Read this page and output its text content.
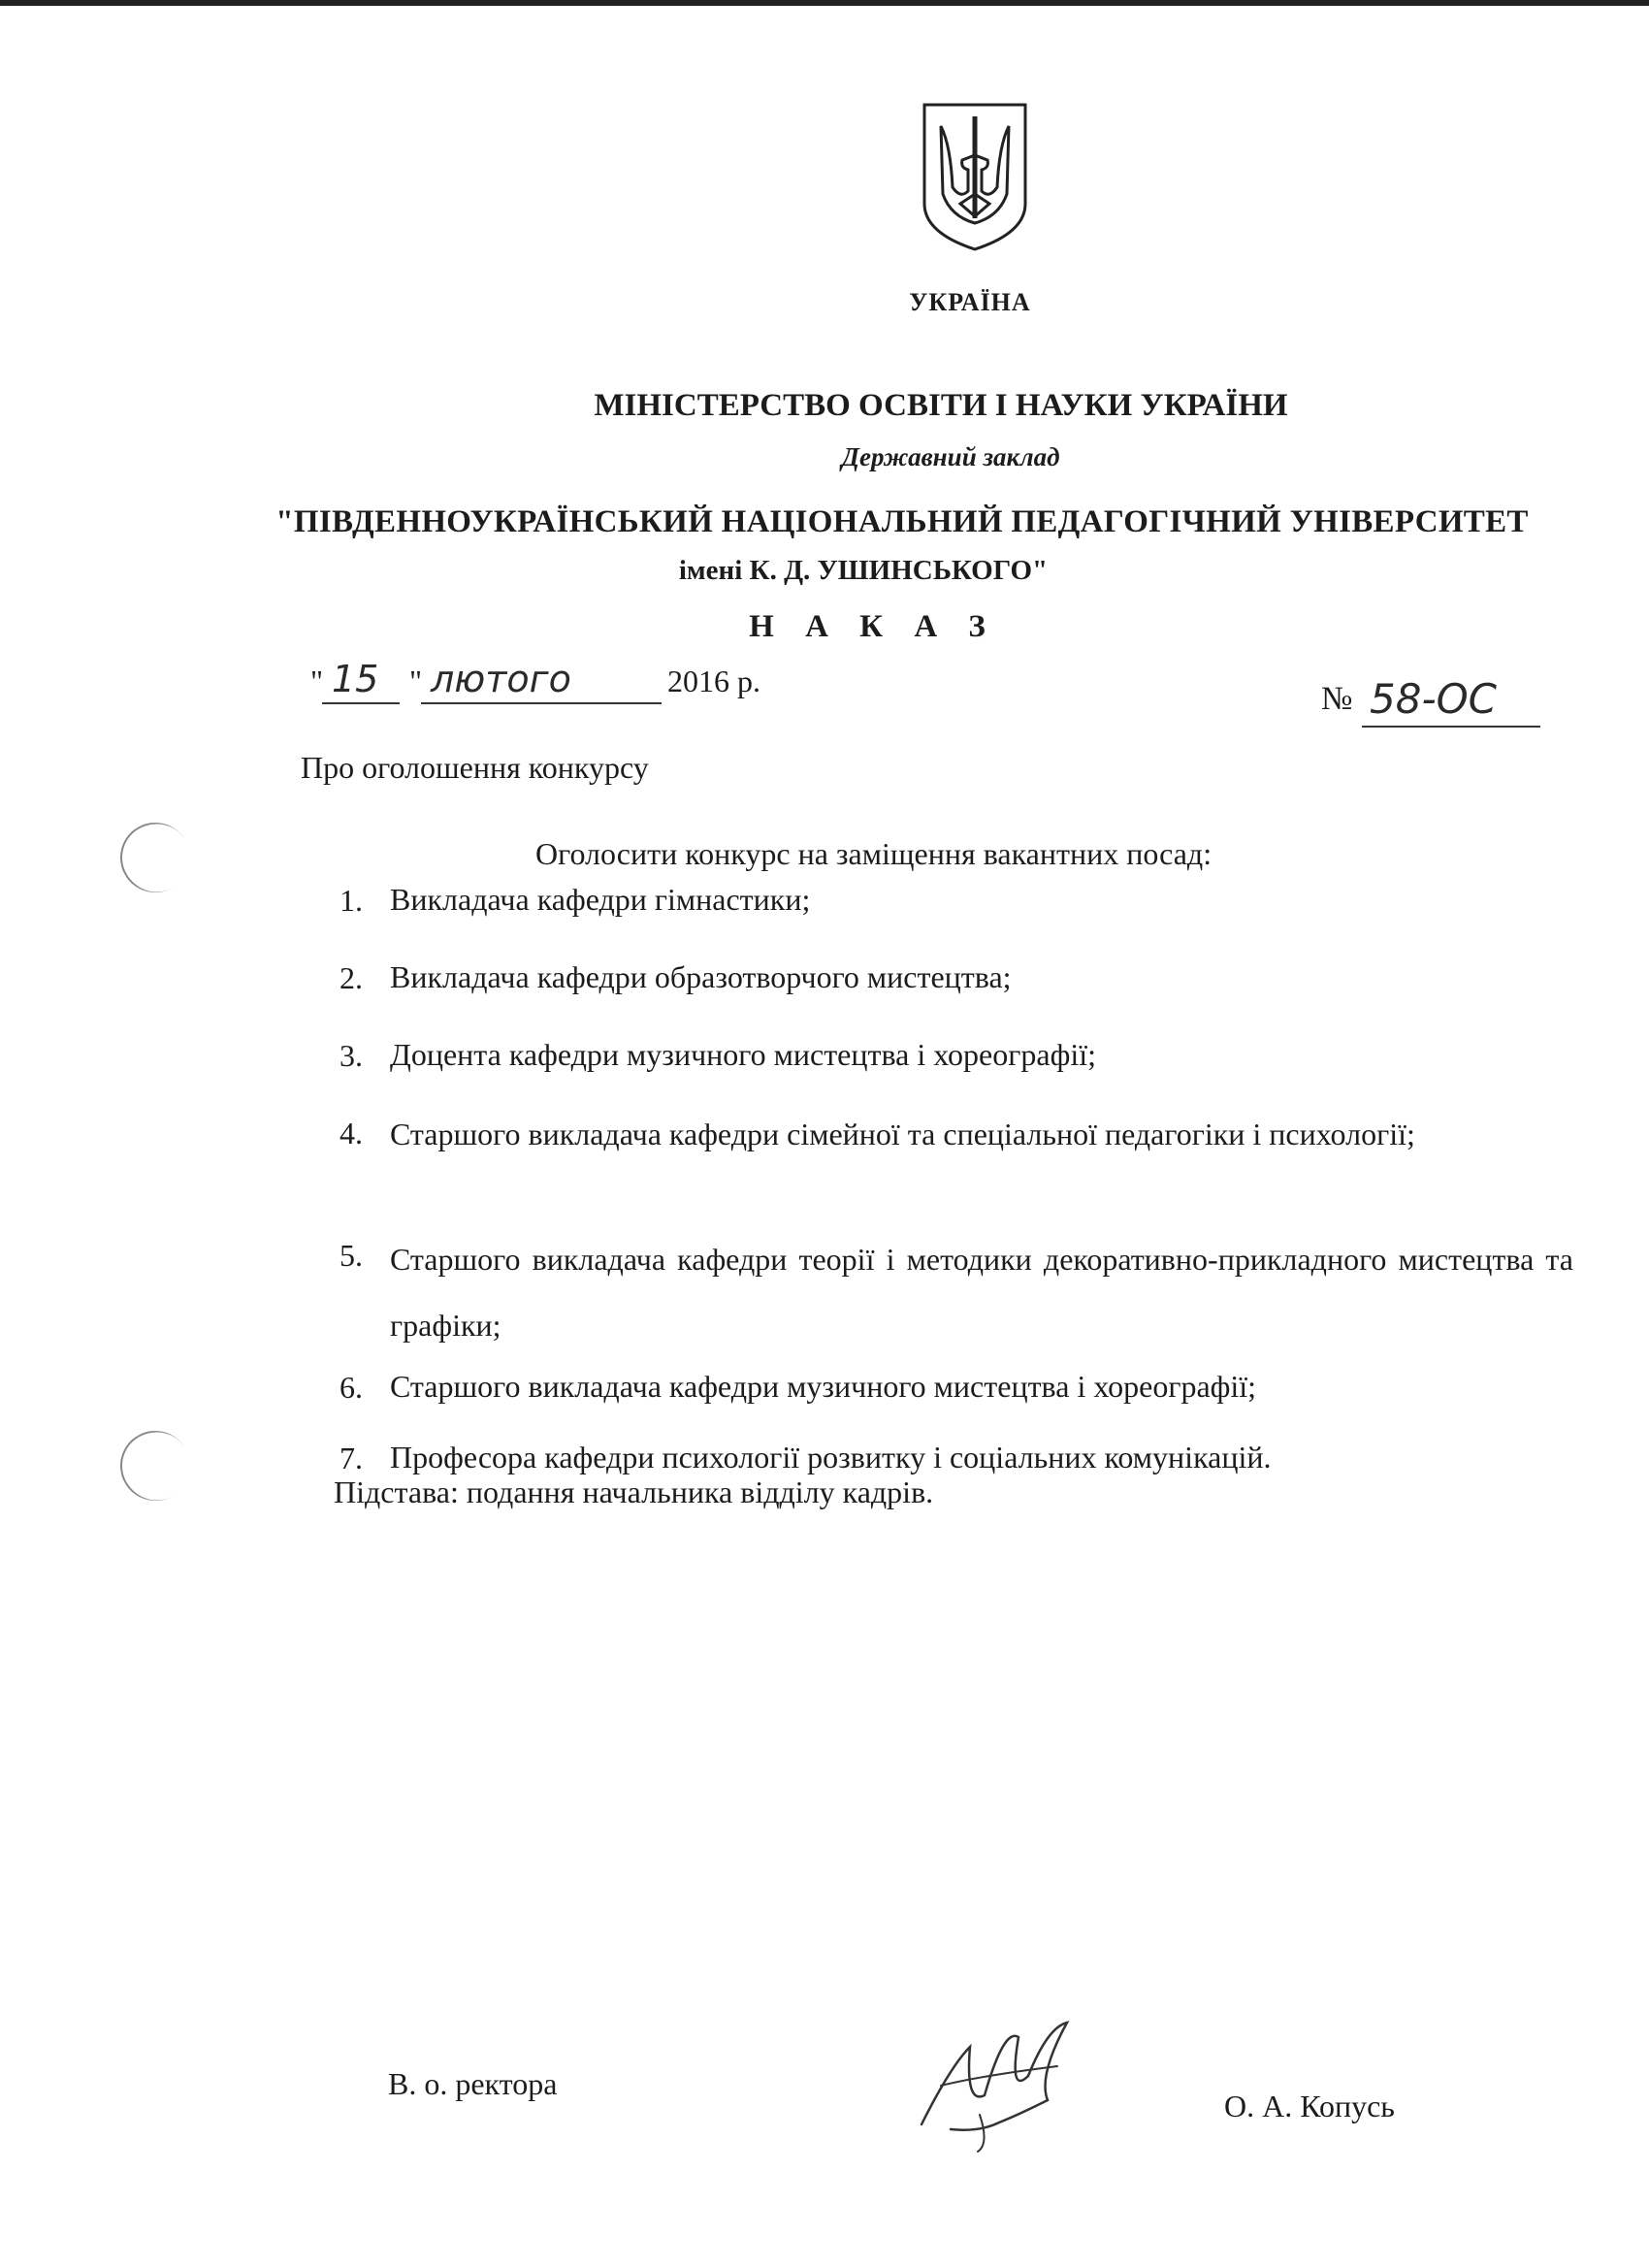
УКРАЇНА
МІНІСТЕРСТВО ОСВІТИ І НАУКИ УКРАЇНИ
Державний заклад
"ПІВДЕННОУКРАЇНСЬКИЙ НАЦІОНАЛЬНИЙ ПЕДАГОГІЧНИЙ УНІВЕРСИТЕТ
імені К. Д. УШИНСЬКОГО"
Н А К А З
" 15 " лютого	2016 р.	№ 58-ОС
Про оголошення конкурсу
Оголосити конкурс на заміщення вакантних посад:
1. Викладача кафедри гімнастики;
2. Викладача кафедри образотворчого мистецтва;
3. Доцента кафедри музичного мистецтва і хореографії;
4. Старшого викладача кафедри сімейної та спеціальної педагогіки і психології;
5. Старшого викладача кафедри теорії і методики декоративно-прикладного мистецтва та графіки;
6. Старшого викладача кафедри музичного мистецтва і хореографії;
7. Професора кафедри психології розвитку і соціальних комунікацій.
Підстава: подання начальника відділу кадрів.
В. о. ректора
О. А. Копусь
